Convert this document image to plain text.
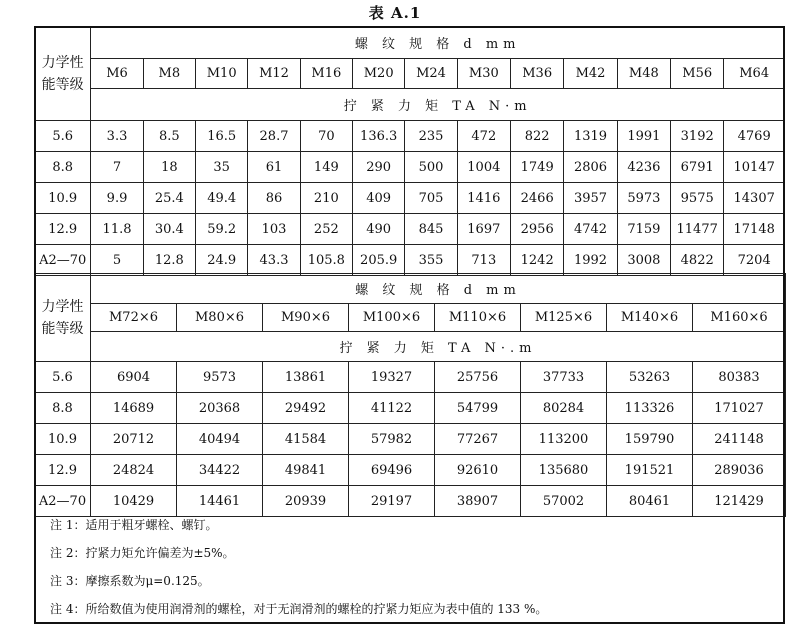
表 A.1
力学性能等级	螺 纹 规 格 d mm												
	M6	M8	M10	M12	M16	M20	M24	M30	M36	M42	M48	M56	M64
	拧 紧 力 矩 TA N·m												
5.6	3.3	8.5	16.5	28.7	70	136.3	235	472	822	1319	1991	3192	4769
8.8	7	18	35	61	149	290	500	1004	1749	2806	4236	6791	10147
10.9	9.9	25.4	49.4	86	210	409	705	1416	2466	3957	5973	9575	14307
12.9	11.8	30.4	59.2	103	252	490	845	1697	2956	4742	7159	11477	17148
A2—70	5	12.8	24.9	43.3	105.8	205.9	355	713	1242	1992	3008	4822	7204
力学性能等级	螺 纹 规 格 d mm							
	M72×6	M80×6	M90×6	M100×6	M110×6	M125×6	M140×6	M160×6
	拧 紧 力 矩 TA N·.m							
5.6	6904	9573	13861	19327	25756	37733	53263	80383
8.8	14689	20368	29492	41122	54799	80284	113326	171027
10.9	20712	40494	41584	57982	77267	113200	159790	241148
12.9	24824	34422	49841	69496	92610	135680	191521	289036
A2—70	10429	14461	20939	29197	38907	57002	80461	121429
注 1：适用于粗牙螺栓、螺钉。
注 2：拧紧力矩允许偏差为±5%。
注 3：摩擦系数为μ=0.125。
注 4：所给数值为使用润滑剂的螺栓，对于无润滑剂的螺栓的拧紧力矩应为表中值的 133 %。
